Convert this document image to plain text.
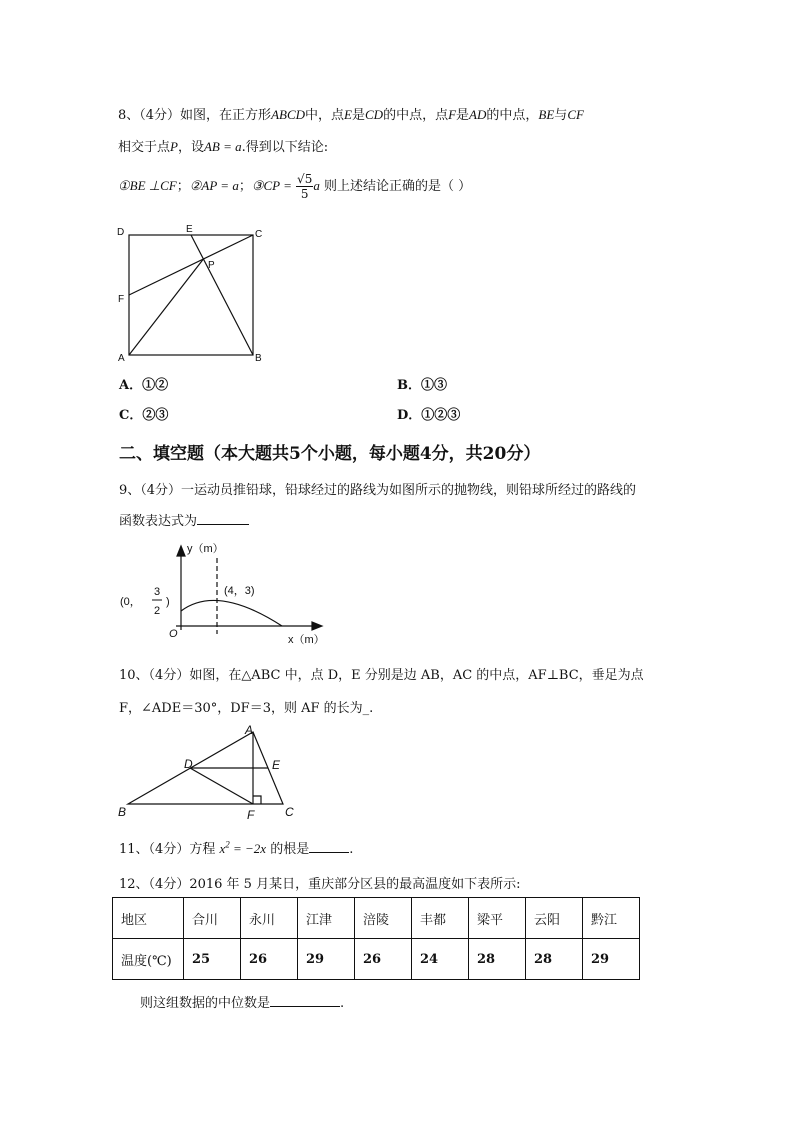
8、（4分）如图，在正方形ABCD中，点E是CD的中点，点F是AD的中点，BE与CF
相交于点P，设AB = a.得到以下结论:
①BE ⊥CF；②AP = a；③CP = $\frac{√5}{5}$ a 则上述结论正确的是（ ）
D	E	C
P
F
A	B
A．①②	B．①③
C．②③	D．①②③
二、填空题（本大题共5个小题，每小题4分，共20分）
9、（4分）一运动员推铅球，铅球经过的路线为如图所示的抛物线，则铅球所经过的路线的
函数表达式为
y（m）
x（m）
O
(4，3)
(0，
3
2
)
10、（4分）如图，在△ABC 中，点 D，E 分别是边 AB，AC 的中点，AF⊥BC，垂足为点
F，∠ADE＝30°，DF＝3，则 AF 的长为_.
A
D	E
B	F	C
11、（4分）方程 $x^2 = -2x$ 的根是	.
12、（4分）2016 年 5 月某日，重庆部分区县的最高温度如下表所示:
地区	合川	永川	江津	涪陵	丰都	梁平	云阳	黔江
温度(℃)	25	26	29	26	24	28	28	29
则这组数据的中位数是	.
